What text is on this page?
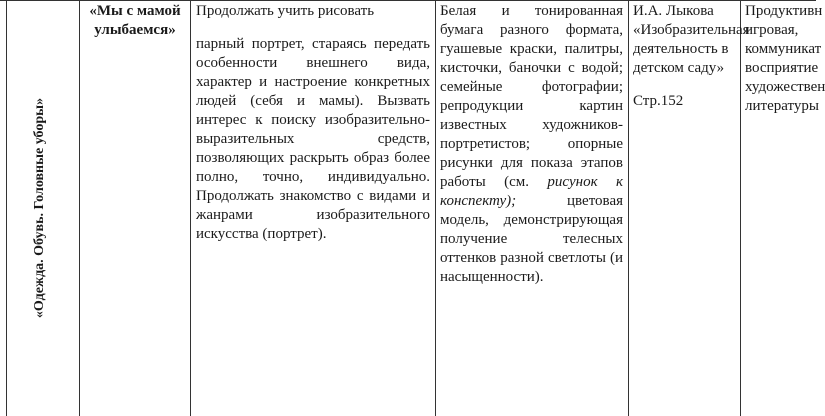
«Одежда. Обувь. Головные уборы»
«Мы с мамой улыбаемся»
Продолжать учить рисовать
парный портрет, стараясь передать особенности внешнего вида, характер и настроение конкретных людей (себя и мамы). Вызвать интерес к поиску изобразительно-выразительных средств, позволяющих раскрыть образ более полно, точно, индивидуально. Продолжать знакомство с видами и жанрами изобразительного искусства (портрет).
Белая и тонированная бумага разного формата, гуашевые краски, палитры, кисточки, баночки с водой; семейные фотографии; репродукции картин известных художников-портретистов; опорные рисунки для показа этапов работы (см. рисунок к конспекту); цветовая модель, демонстрирующая получение телесных оттенков разной светлоты (и насыщенности).
И.А. Лыкова «Изобразительная деятельность в детском саду»
Стр.152
Продуктивн
игровая,
коммуникат
восприятие
художествен
литературы
